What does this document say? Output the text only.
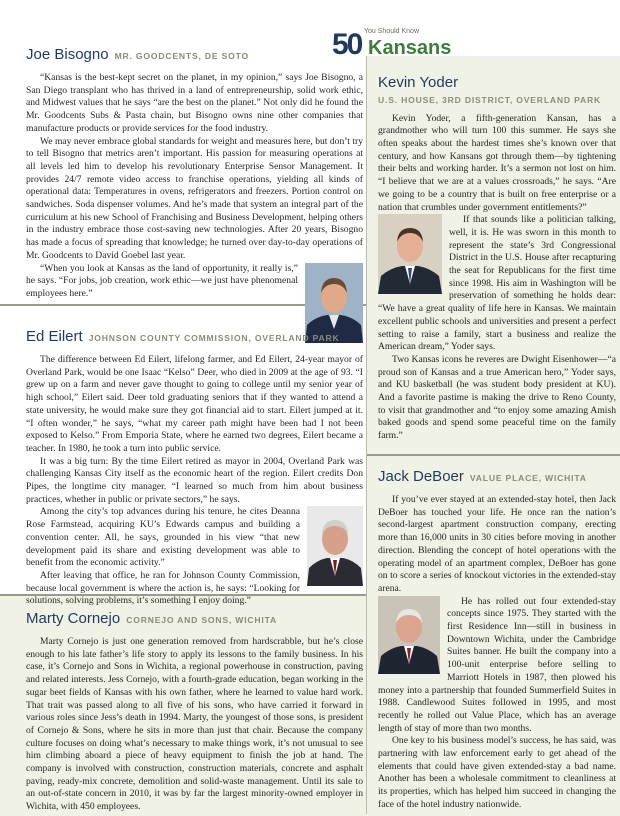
50 Kansans
You Should Know
Joe Bisogno MR. GOODCENTS, DE SOTO

“Kansas is the best-kept secret on the planet, in my opinion,” says Joe Bisogno, a San Diego transplant who has thrived in a land of entrepreneurship, solid work ethic, and Midwest values that he says “are the best on the planet.” Not only did he found the Mr. Goodcents Subs & Pasta chain, but Bisogno owns nine other companies that manufacture products or provide services for the food industry.

We may never embrace global standards for weight and measures here, but don’t try to tell Bisogno that metrics aren’t important. His passion for measuring operations at all levels led him to develop his revolutionary Enterprise Sensor Management. It provides 24/7 remote video access to franchise operations, yielding all kinds of operational data: Temperatures in ovens, refrigerators and freezers. Portion control on sandwiches. Soda dispenser volumes. And he’s made that system an integral part of the curriculum at his new School of Franchising and Business Development, helping others in the industry embrace those cost-saving new technologies. After 20 years, Bisogno has made a focus of spreading that knowledge; he turned over day-to-day operations of Mr. Goodcents to David Goebel last year.

“When you look at Kansas as the land of opportunity, it really is,” he says. “For jobs, job creation, work ethic—we just have phenomenal employees here.”

Ed Eilert JOHNSON COUNTY COMMISSION, OVERLAND PARK

The difference between Ed Eilert, lifelong farmer, and Ed Eilert, 24-year mayor of Overland Park, would be one Isaac “Kelso” Deer, who died in 2009 at the age of 93. “I grew up on a farm and never gave thought to going to college until my senior year of high school,” Eilert said. Deer told graduating seniors that if they wanted to attend a state university, he would make sure they got financial aid to start. Eilert jumped at it. “I often wonder,” he says, “what my career path might have been had I not been exposed to Kelso.” From Emporia State, where he earned two degrees, Eilert became a teacher. In 1980, he took a turn into public service.

It was a big turn: By the time Eilert retired as mayor in 2004, Overland Park was challenging Kansas City itself as the economic heart of the region. Eilert credits Don Pipes, the longtime city manager. “I learned so much from him about business practices, whether in public or private sectors,” he says.

Among the city’s top advances during his tenure, he cites Deanna Rose Farmstead, acquiring KU’s Edwards campus and building a convention center. All, he says, grounded in his view “that new development paid its share and existing development was able to benefit from the economic activity.”

After leaving that office, he ran for Johnson County Commission, because local government is where the action is, he says: “Looking for solutions, solving problems, it’s something I enjoy doing.”

Marty Cornejo CORNEJO AND SONS, WICHITA

Marty Cornejo is just one generation removed from hardscrabble, but he’s close enough to his late father’s life story to apply its lessons to the family business. In his case, it’s Cornejo and Sons in Wichita, a regional powerhouse in construction, paving and related interests. Jess Cornejo, with a fourth-grade education, began working in the sugar beet fields of Kansas with his own father, where he learned to value hard work. That trait was passed along to all five of his sons, who have carried it forward in various roles since Jess’s death in 1994. Marty, the youngest of those sons, is president of Cornejo & Sons, where he sits in more than just that chair. Because the company culture focuses on doing what’s necessary to make things work, it’s not unusual to see him climbing aboard a piece of heavy equipment to finish the job at hand. The company is involved with construction, construction materials, concrete and asphalt paving, ready-mix concrete, demolition and solid-waste management. Until its sale to an out-of-state concern in 2010, it was by far the largest minority-owned employer in Wichita, with 450 employees.

Kevin Yoder
U.S. HOUSE, 3RD DISTRICT, OVERLAND PARK

Kevin Yoder, a fifth-generation Kansan, has a grandmother who will turn 100 this summer. He says she often speaks about the hardest times she’s known over that century, and how Kansans got through them—by tightening their belts and working harder. It’s a sermon not lost on him. “I believe that we are at a values crossroads,” he says. “Are we going to be a country that is built on free enterprise or a nation that crumbles under government entitlements?”

If that sounds like a politician talking, well, it is. He was sworn in this month to represent the state’s 3rd Congressional District in the U.S. House after recapturing the seat for Republicans for the first time since 1998. His aim in Washington will be preservation of something he holds dear: “We have a great quality of life here in Kansas. We maintain excellent public schools and universities and present a perfect setting to raise a family, start a business and realize the American dream,” Yoder says.

Two Kansas icons he reveres are Dwight Eisenhower—“a proud son of Kansas and a true American hero,” Yoder says, and KU basketball (he was student body president at KU). And a favorite pastime is making the drive to Reno County, to visit that grandmother and “to enjoy some amazing Amish baked goods and spend some peaceful time on the family farm.”

Jack DeBoer VALUE PLACE, WICHITA

If you’ve ever stayed at an extended-stay hotel, then Jack DeBoer has touched your life. He once ran the nation’s second-largest apartment construction company, erecting more than 16,000 units in 30 cities before moving in another direction. Blending the concept of hotel operations with the operating model of an apartment complex, DeBoer has gone on to score a series of knockout victories in the extended-stay arena.

He has rolled out four extended-stay concepts since 1975. They started with the first Residence Inn—still in business in Downtown Wichita, under the Cambridge Suites banner. He built the company into a 100-unit enterprise before selling to Marriott Hotels in 1987, then plowed his money into a partnership that founded Summerfield Suites in 1988. Candlewood Suites followed in 1995, and most recently he rolled out Value Place, which has an average length of stay of more than two months.

One key to his business model’s success, he has said, was partnering with law enforcement early to get ahead of the elements that could have given extended-stay a bad name. Another has been a wholesale commitment to cleanliness at its properties, which has helped him succeed in changing the face of the hotel industry nationwide.
